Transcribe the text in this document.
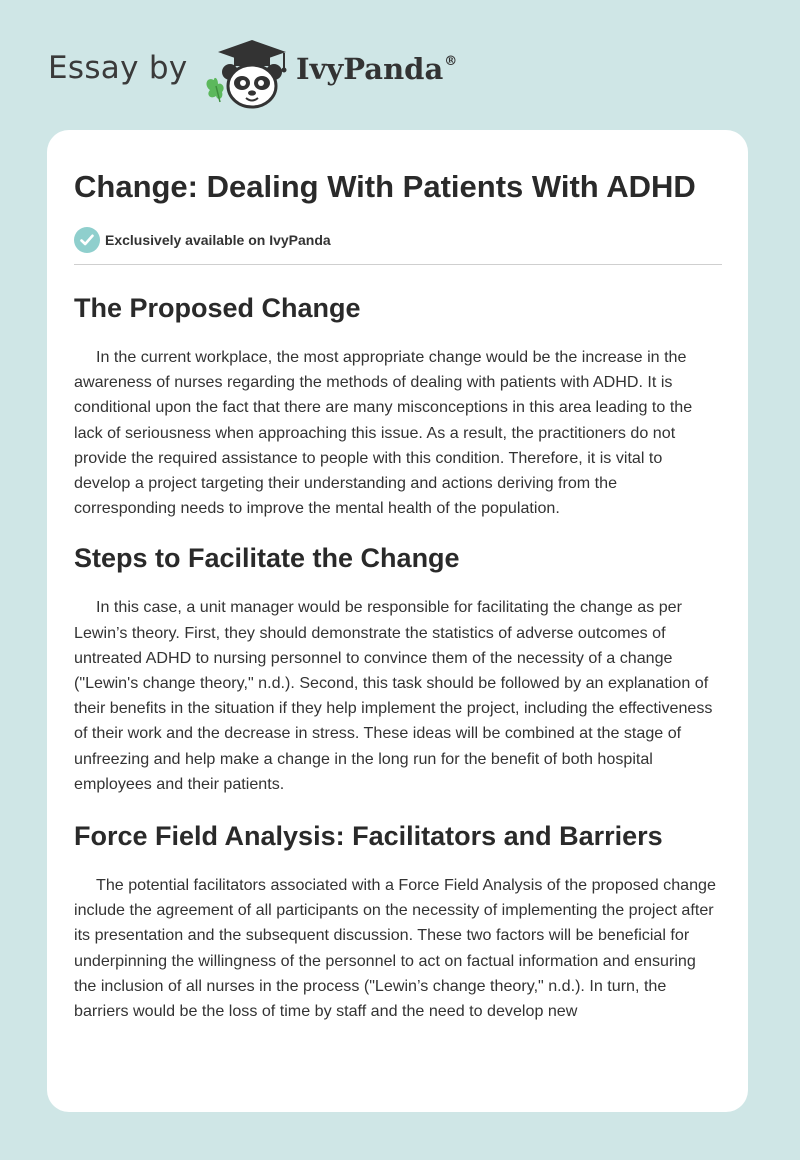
Essay by	IvyPanda®
Change: Dealing With Patients With ADHD
Exclusively available on IvyPanda
The Proposed Change

In the current workplace, the most appropriate change would be the increase in the awareness of nurses regarding the methods of dealing with patients with ADHD. It is conditional upon the fact that there are many misconceptions in this area leading to the lack of seriousness when approaching this issue. As a result, the practitioners do not provide the required assistance to people with this condition. Therefore, it is vital to develop a project targeting their understanding and actions deriving from the corresponding needs to improve the mental health of the population.

Steps to Facilitate the Change

In this case, a unit manager would be responsible for facilitating the change as per Lewin’s theory. First, they should demonstrate the statistics of adverse outcomes of untreated ADHD to nursing personnel to convince them of the necessity of a change ("Lewin's change theory," n.d.). Second, this task should be followed by an explanation of their benefits in the situation if they help implement the project, including the effectiveness of their work and the decrease in stress. These ideas will be combined at the stage of unfreezing and help make a change in the long run for the benefit of both hospital employees and their patients.

Force Field Analysis: Facilitators and Barriers

The potential facilitators associated with a Force Field Analysis of the proposed change include the agreement of all participants on the necessity of implementing the project after its presentation and the subsequent discussion. These two factors will be beneficial for underpinning the willingness of the personnel to act on factual information and ensuring the inclusion of all nurses in the process ("Lewin’s change theory," n.d.). In turn, the barriers would be the loss of time by staff and the need to develop new
